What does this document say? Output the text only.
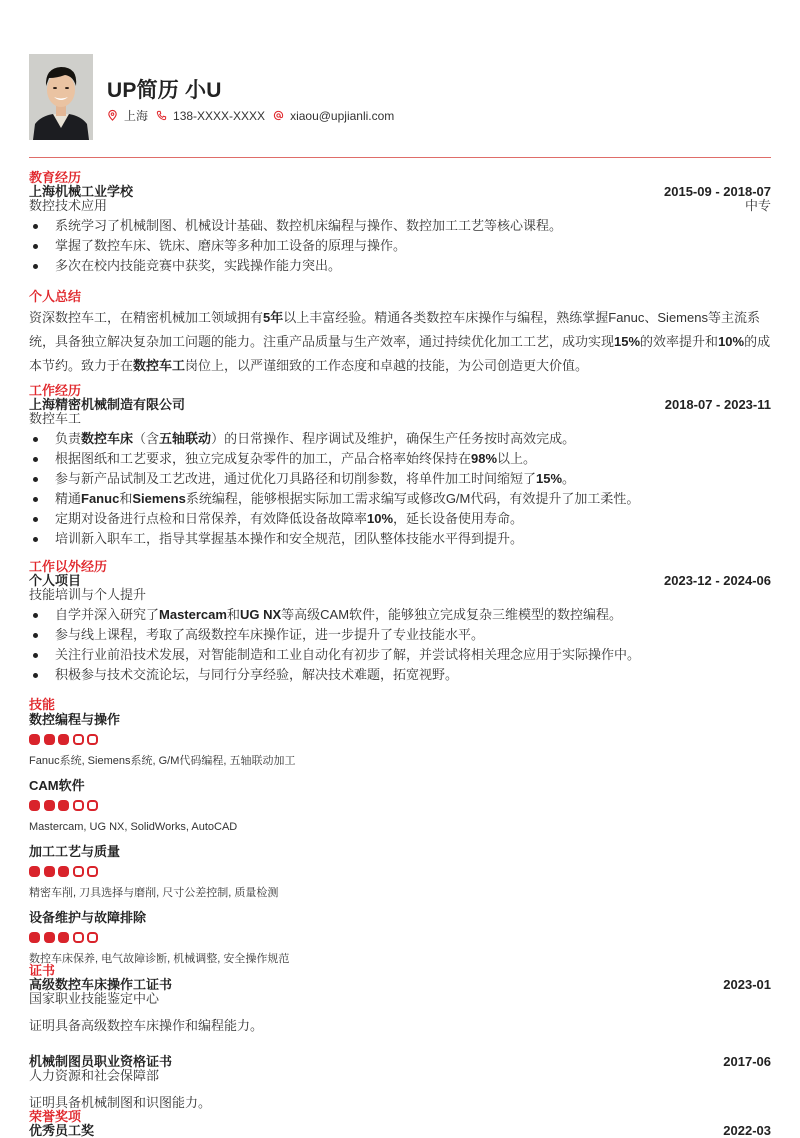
UP简历 小U
上海 138-XXXX-XXXX xiaou@upjianli.com
教育经历
上海机械工业学校	2015-09 - 2018-07
数控技术应用	中专
系统学习了机械制图、机械设计基础、数控机床编程与操作、数控加工工艺等核心课程。
掌握了数控车床、铣床、磨床等多种加工设备的原理与操作。
多次在校内技能竞赛中获奖，实践操作能力突出。
个人总结
资深数控车工，在精密机械加工领域拥有5年以上丰富经验。精通各类数控车床操作与编程，熟练掌握Fanuc、Siemens等主流系统，具备独立解决复杂加工问题的能力。注重产品质量与生产效率，通过持续优化加工工艺，成功实现15%的效率提升和10%的成本节约。致力于在数控车工岗位上，以严谨细致的工作态度和卓越的技能，为公司创造更大价值。
工作经历
上海精密机械制造有限公司	2018-07 - 2023-11
数控车工
负责数控车床（含五轴联动）的日常操作、程序调试及维护，确保生产任务按时高效完成。
根据图纸和工艺要求，独立完成复杂零件的加工，产品合格率始终保持在98%以上。
参与新产品试制及工艺改进，通过优化刀具路径和切削参数，将单件加工时间缩短了15%。
精通Fanuc和Siemens系统编程，能够根据实际加工需求编写或修改G/M代码，有效提升了加工柔性。
定期对设备进行点检和日常保养，有效降低设备故障率10%，延长设备使用寿命。
培训新入职车工，指导其掌握基本操作和安全规范，团队整体技能水平得到提升。
工作以外经历
个人项目	2023-12 - 2024-06
技能培训与个人提升
自学并深入研究了Mastercam和UG NX等高级CAM软件，能够独立完成复杂三维模型的数控编程。
参与线上课程，考取了高级数控车床操作证，进一步提升了专业技能水平。
关注行业前沿技术发展，对智能制造和工业自动化有初步了解，并尝试将相关理念应用于实际操作中。
积极参与技术交流论坛，与同行分享经验，解决技术难题，拓宽视野。
技能
数控编程与操作
Fanuc系统, Siemens系统, G/M代码编程, 五轴联动加工
CAM软件
Mastercam, UG NX, SolidWorks, AutoCAD
加工工艺与质量
精密车削, 刀具选择与磨削, 尺寸公差控制, 质量检测
设备维护与故障排除
数控车床保养, 电气故障诊断, 机械调整, 安全操作规范
证书
高级数控车床操作工证书	2023-01
国家职业技能鉴定中心
证明具备高级数控车床操作和编程能力。
机械制图员职业资格证书	2017-06
人力资源和社会保障部
证明具备机械制图和识图能力。
荣誉奖项
优秀员工奖	2022-03
